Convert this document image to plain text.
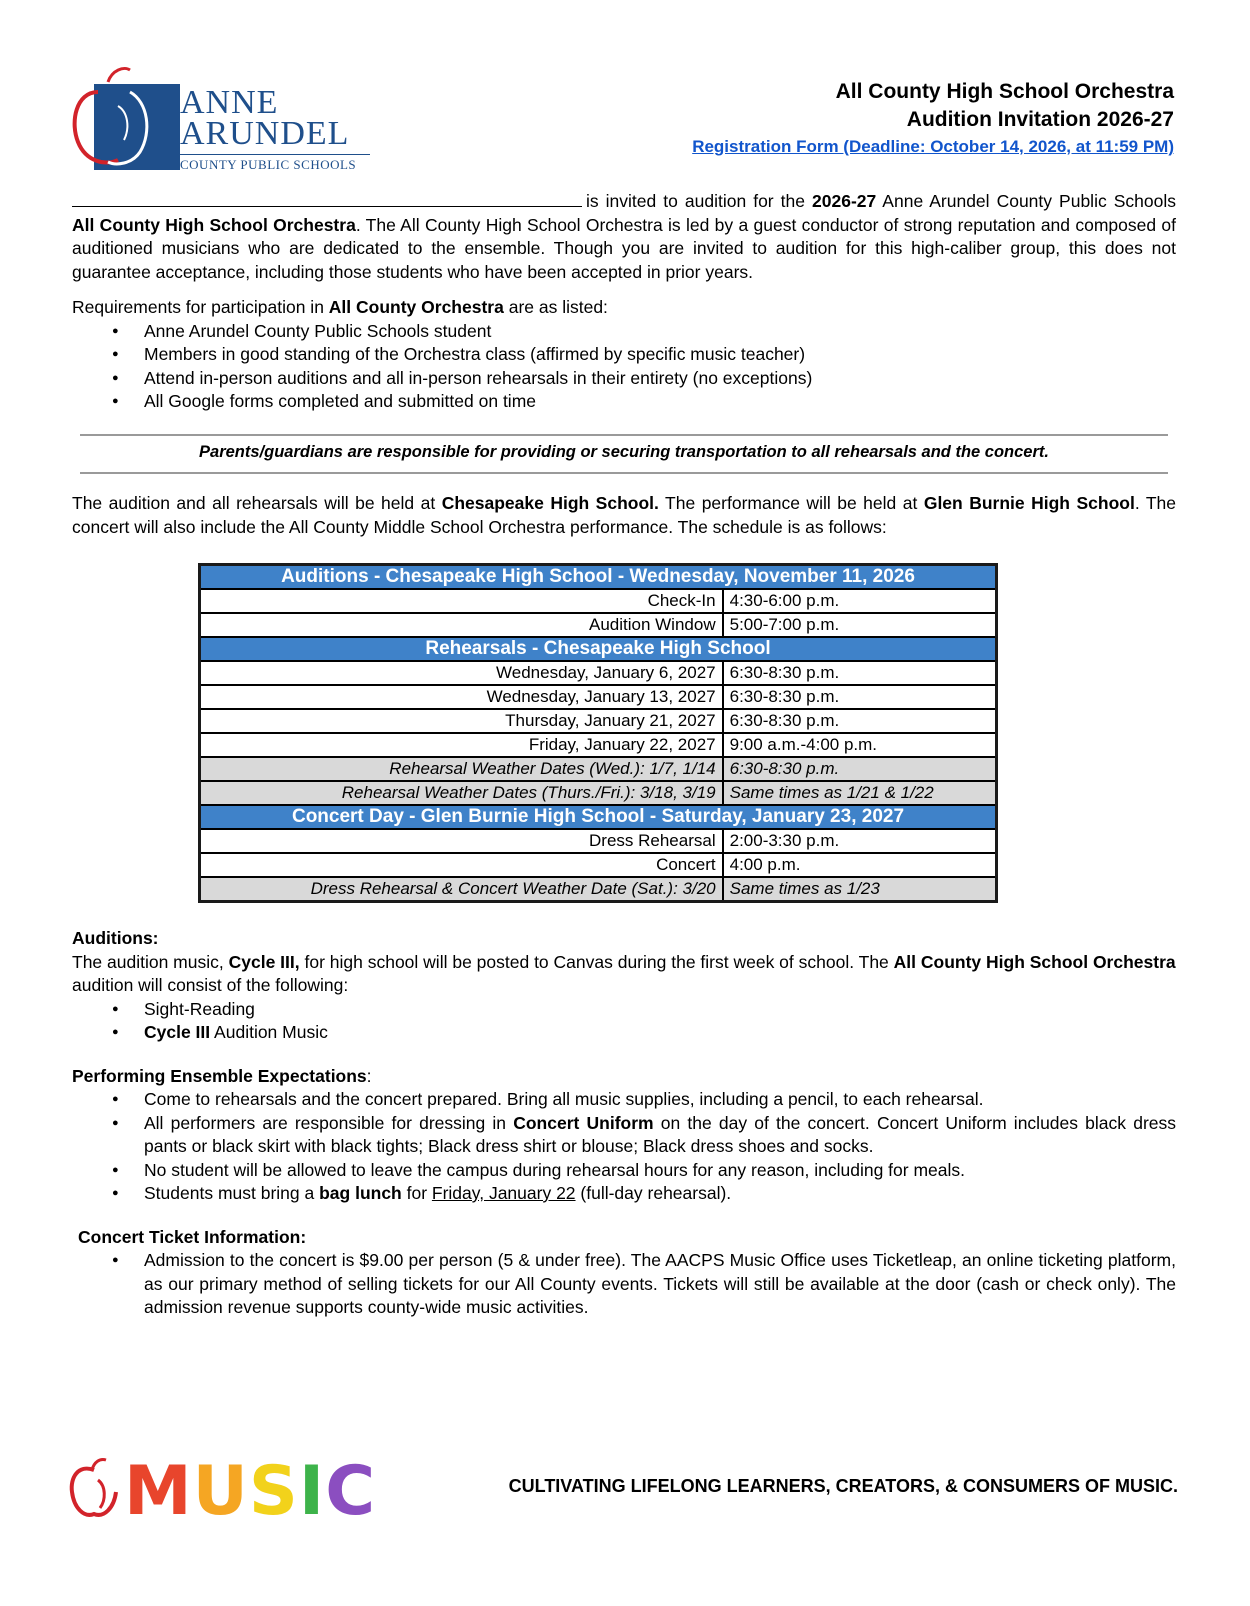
ANNE
ARUNDEL
COUNTY PUBLIC SCHOOLS
All County High School Orchestra
Audition Invitation 2026-27
Registration Form (Deadline: October 14, 2026, at 11:59 PM)

is invited to audition for the 2026-27 Anne Arundel County Public Schools All County High School Orchestra. The All County High School Orchestra is led by a guest conductor of strong reputation and composed of auditioned musicians who are dedicated to the ensemble. Though you are invited to audition for this high-caliber group, this does not guarantee acceptance, including those students who have been accepted in prior years.

Requirements for participation in All County Orchestra are as listed:

● Anne Arundel County Public Schools student
● Members in good standing of the Orchestra class (affirmed by specific music teacher)
● Attend in-person auditions and all in-person rehearsals in their entirety (no exceptions)
● All Google forms completed and submitted on time
Parents/guardians are responsible for providing or securing transportation to all rehearsals and the concert.

The audition and all rehearsals will be held at Chesapeake High School. The performance will be held at Glen Burnie High School. The concert will also include the All County Middle School Orchestra performance. The schedule is as follows:

Auditions - Chesapeake High School - Wednesday, November 11, 2026	
Check-In	4:30-6:00 p.m.
Audition Window	5:00-7:00 p.m.
Rehearsals - Chesapeake High School	
Wednesday, January 6, 2027	6:30-8:30 p.m.
Wednesday, January 13, 2027	6:30-8:30 p.m.
Thursday, January 21, 2027	6:30-8:30 p.m.
Friday, January 22, 2027	9:00 a.m.-4:00 p.m.
Rehearsal Weather Dates (Wed.): 1/7, 1/14	6:30-8:30 p.m.
Rehearsal Weather Dates (Thurs./Fri.): 3/18, 3/19	Same times as 1/21 & 1/22
Concert Day - Glen Burnie High School - Saturday, January 23, 2027	
Dress Rehearsal	2:00-3:30 p.m.
Concert	4:00 p.m.
Dress Rehearsal & Concert Weather Date (Sat.): 3/20	Same times as 1/23
Auditions:
The audition music, Cycle III, for high school will be posted to Canvas during the first week of school. The All County High School Orchestra audition will consist of the following:
● Sight-Reading
● Cycle III Audition Music
Performing Ensemble Expectations:
● Come to rehearsals and the concert prepared. Bring all music supplies, including a pencil, to each rehearsal.
● All performers are responsible for dressing in Concert Uniform on the day of the concert. Concert Uniform includes black dress pants or black skirt with black tights; Black dress shirt or blouse; Black dress shoes and socks.
● No student will be allowed to leave the campus during rehearsal hours for any reason, including for meals.
● Students must bring a bag lunch for Friday, January 22 (full-day rehearsal).
Concert Ticket Information:
● Admission to the concert is $9.00 per person (5 & under free). The AACPS Music Office uses Ticketleap, an online ticketing platform, as our primary method of selling tickets for our All County events. Tickets will still be available at the door (cash or check only). The admission revenue supports county-wide music activities.
MUSIC	CULTIVATING LIFELONG LEARNERS, CREATORS, & CONSUMERS OF MUSIC.
